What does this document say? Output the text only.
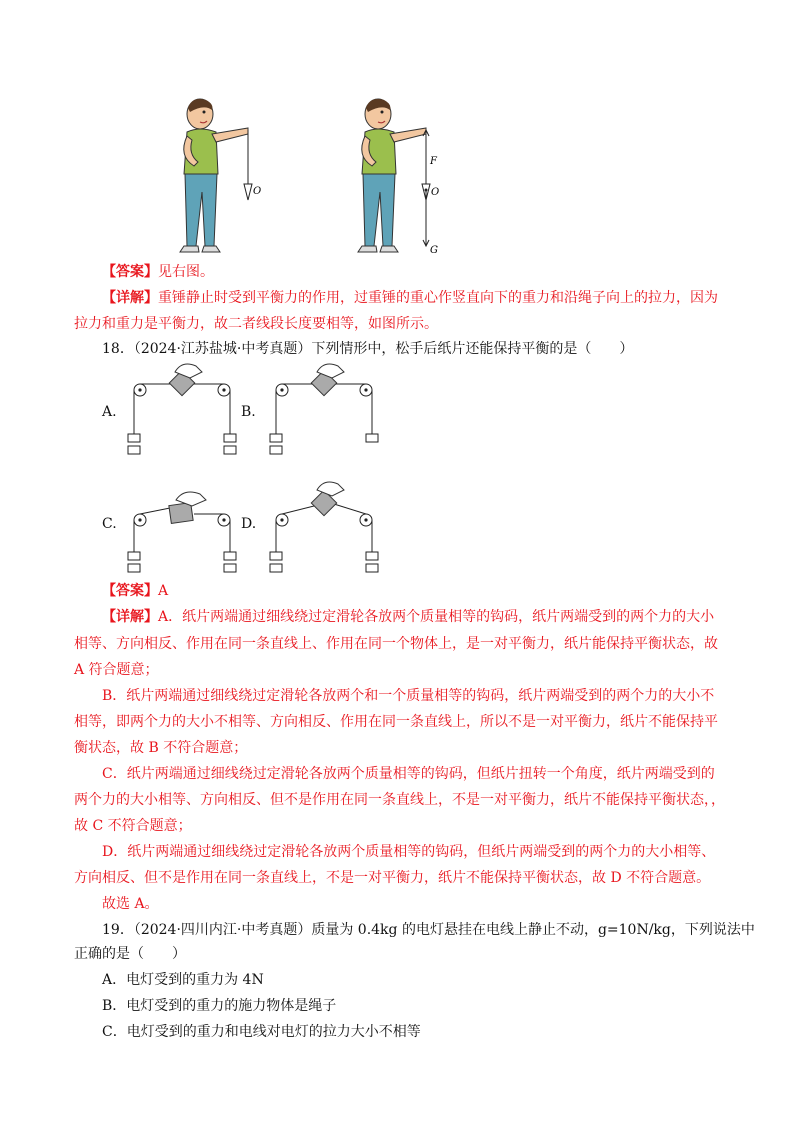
O
F
O
G
【答案】见右图。
【详解】重锤静止时受到平衡力的作用，过重锤的重心作竖直向下的重力和沿绳子向上的拉力，因为
拉力和重力是平衡力，故二者线段长度要相等，如图所示。
18．（2024·江苏盐城·中考真题）下列情形中，松手后纸片还能保持平衡的是（　　）
A.	B.
C.	D.
【答案】A
【详解】A．纸片两端通过细线绕过定滑轮各放两个质量相等的钩码，纸片两端受到的两个力的大小
相等、方向相反、作用在同一条直线上、作用在同一个物体上，是一对平衡力，纸片能保持平衡状态，故
A 符合题意；
B．纸片两端通过细线绕过定滑轮各放两个和一个质量相等的钩码，纸片两端受到的两个力的大小不
相等，即两个力的大小不相等、方向相反、作用在同一条直线上，所以不是一对平衡力，纸片不能保持平
衡状态，故 B 不符合题意；
C．纸片两端通过细线绕过定滑轮各放两个质量相等的钩码，但纸片扭转一个角度，纸片两端受到的
两个力的大小相等、方向相反、但不是作用在同一条直线上，不是一对平衡力，纸片不能保持平衡状态，，
故 C 不符合题意；
D．纸片两端通过细线绕过定滑轮各放两个质量相等的钩码，但纸片两端受到的两个力的大小相等、
方向相反、但不是作用在同一条直线上，不是一对平衡力，纸片不能保持平衡状态，故 D 不符合题意。
故选 A。
19．（2024·四川内江·中考真题）质量为 0.4kg 的电灯悬挂在电线上静止不动，g=10N/kg，下列说法中
正确的是（　　）
A．电灯受到的重力为 4N
B．电灯受到的重力的施力物体是绳子
C．电灯受到的重力和电线对电灯的拉力大小不相等
